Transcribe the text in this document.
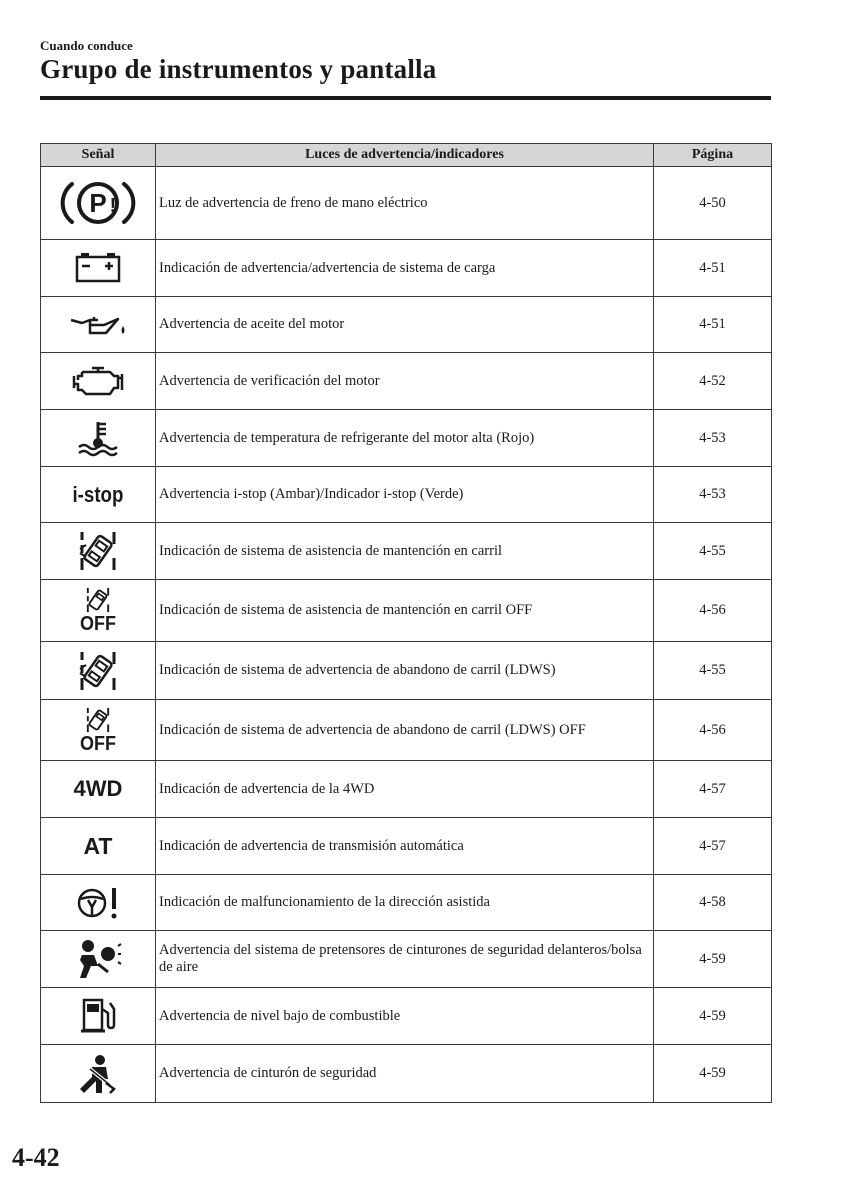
Cuando conduce
Grupo de instrumentos y pantalla
Señal	Luces de advertencia/indicadores	Página

P !	Luz de advertencia de freno de mano eléctrico	4-50

	Indicación de advertencia/advertencia de sistema de carga	4-51

	Advertencia de aceite del motor	4-51

	Advertencia de verificación del motor	4-52

	Advertencia de temperatura de refrigerante del motor alta (Rojo)	4-53
i-stop	Advertencia i-stop (Ambar)/Indicador i-stop (Verde)	4-53

	Indicación de sistema de asistencia de mantención en carril	4-55

OFF	Indicación de sistema de asistencia de mantención en carril OFF	4-56

	Indicación de sistema de advertencia de abandono de carril (LDWS)	4-55

OFF	Indicación de sistema de advertencia de abandono de carril (LDWS) OFF	4-56
4WD	Indicación de advertencia de la 4WD	4-57
AT	Indicación de advertencia de transmisión automática	4-57

	Indicación de malfuncionamiento de la dirección asistida	4-58

	Advertencia del sistema de pretensores de cinturones de seguridad delanteros/bolsa de aire	4-59

	Advertencia de nivel bajo de combustible	4-59

	Advertencia de cinturón de seguridad	4-59
4-42
